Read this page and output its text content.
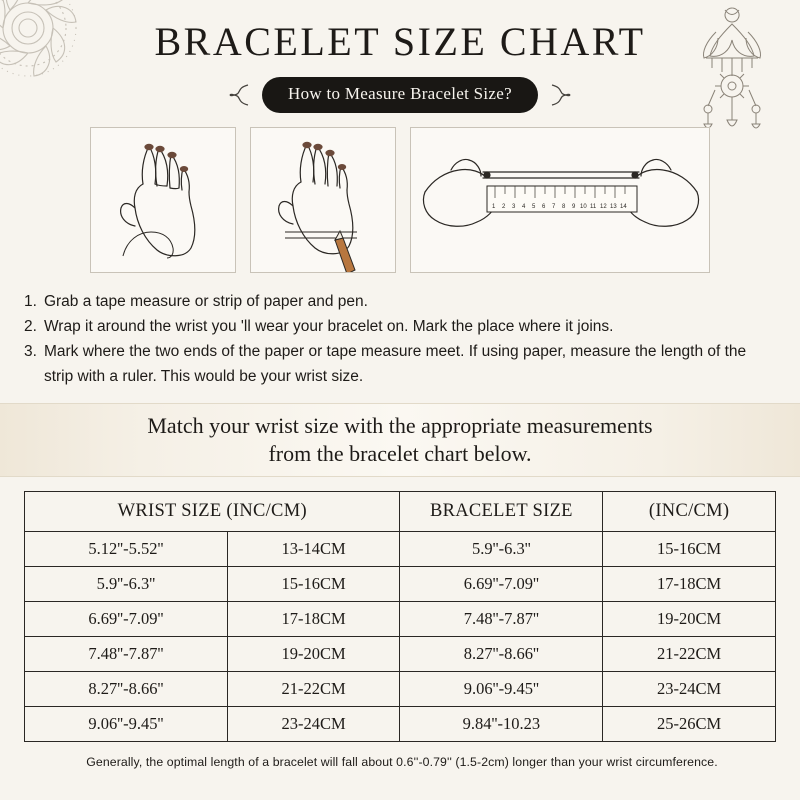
BRACELET SIZE CHART
How to Measure Bracelet Size?
1 2 3 4 5 6 7 8 9 10 11 12 13 14
1. Grab a tape measure or strip of paper and pen.
2. Wrap it around the wrist you 'll wear your bracelet on. Mark the place where it joins.
3. Mark where the two ends of the paper or tape measure meet. If using paper, measure the length of the strip with a ruler. This would be your wrist size.
Match your wrist size with the appropriate measurements
from the bracelet chart below.
WRIST SIZE (INC/CM)		BRACELET SIZE	(INC/CM)
5.12''-5.52''	13-14CM	5.9''-6.3''	15-16CM
5.9''-6.3''	15-16CM	6.69''-7.09''	17-18CM
6.69''-7.09''	17-18CM	7.48''-7.87''	19-20CM
7.48''-7.87''	19-20CM	8.27''-8.66''	21-22CM
8.27''-8.66''	21-22CM	9.06''-9.45''	23-24CM
9.06''-9.45''	23-24CM	9.84''-10.23	25-26CM
Generally, the optimal length of a bracelet will fall about 0.6''-0.79'' (1.5-2cm) longer than your wrist circumference.
